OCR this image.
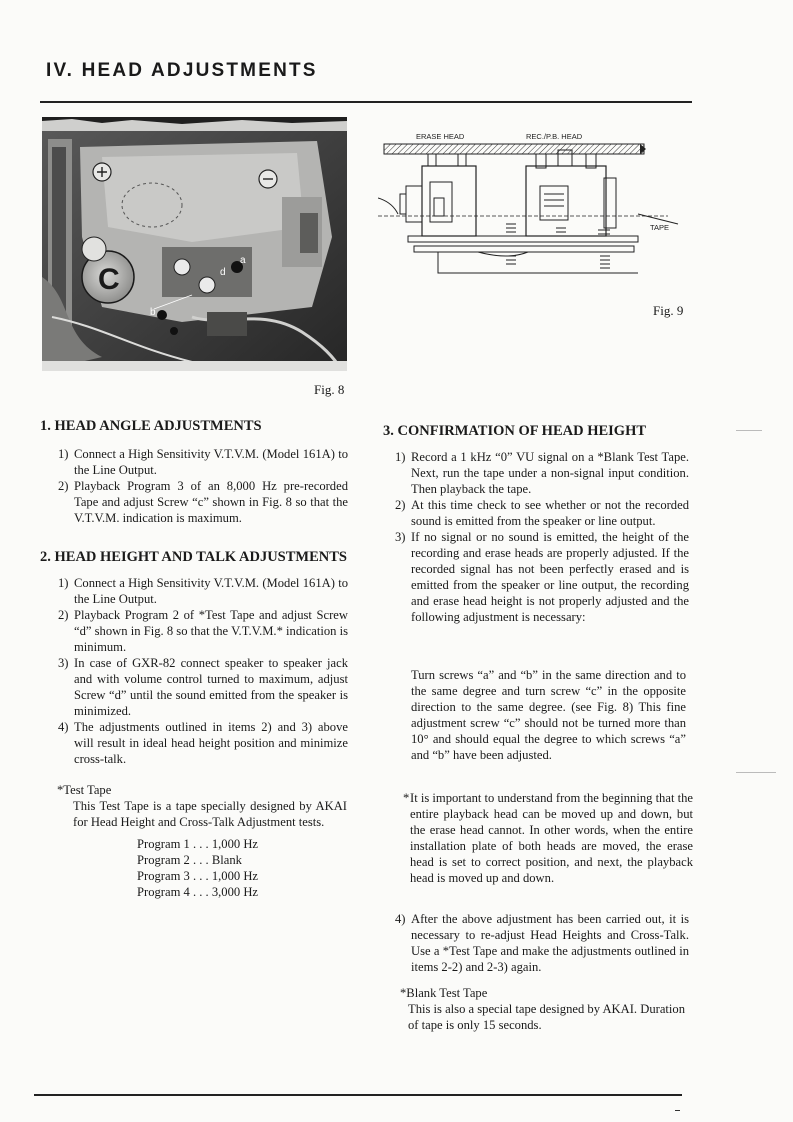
IV. HEAD ADJUSTMENTS
C
a
d
b
Fig. 8
ERASE HEAD	REC./P.B. HEAD
TAPE
Fig. 9
1. HEAD ANGLE ADJUSTMENTS
1) Connect a High Sensitivity V.T.V.M. (Model 161A) to the Line Output.
2) Playback Program 3 of an 8,000 Hz pre-recorded Tape and adjust Screw “c” shown in Fig. 8 so that the V.T.V.M. indication is maximum.
2. HEAD HEIGHT AND TALK ADJUSTMENTS
1) Connect a High Sensitivity V.T.V.M. (Model 161A) to the Line Output.
2) Playback Program 2 of *Test Tape and adjust Screw “d” shown in Fig. 8 so that the V.T.V.M.* indication is minimum.
3) In case of GXR-82 connect speaker to speaker jack and with volume control turned to maximum, adjust Screw “d” until the sound emitted from the speaker is minimized.
4) The adjustments outlined in items 2) and 3) above will result in ideal head height position and minimize cross-talk.
*Test Tape
This Test Tape is a tape specially designed by AKAI for Head Height and Cross-Talk Adjustment tests.
Program 1 . . . 1,000 Hz
Program 2 . . . Blank
Program 3 . . . 1,000 Hz
Program 4 . . . 3,000 Hz
3. CONFIRMATION OF HEAD HEIGHT
1) Record a 1 kHz “0” VU signal on a *Blank Test Tape. Next, run the tape under a non-signal input condition. Then playback the tape.
2) At this time check to see whether or not the recorded sound is emitted from the speaker or line output.
3) If no signal or no sound is emitted, the height of the recording and erase heads are properly adjusted. If the recorded signal has not been perfectly erased and is emitted from the speaker or line output, the recording and erase head height is not properly adjusted and the following adjustment is necessary:
Turn screws “a” and “b” in the same direction and to the same degree and turn screw “c” in the opposite direction to the same degree. (see Fig. 8) This fine adjustment screw “c” should not be turned more than 10° and should equal the degree to which screws “a” and “b” have been adjusted.
* It is important to understand from the beginning that the entire playback head can be moved up and down, but the erase head cannot. In other words, when the entire installation plate of both heads are moved, the erase head is set to correct position, and next, the playback head is moved up and down.
4) After the above adjustment has been carried out, it is necessary to re-adjust Head Heights and Cross-Talk. Use a *Test Tape and make the adjustments outlined in items 2-2) and 2-3) again.
*Blank Test Tape
This is also a special tape designed by AKAI. Duration of tape is only 15 seconds.
